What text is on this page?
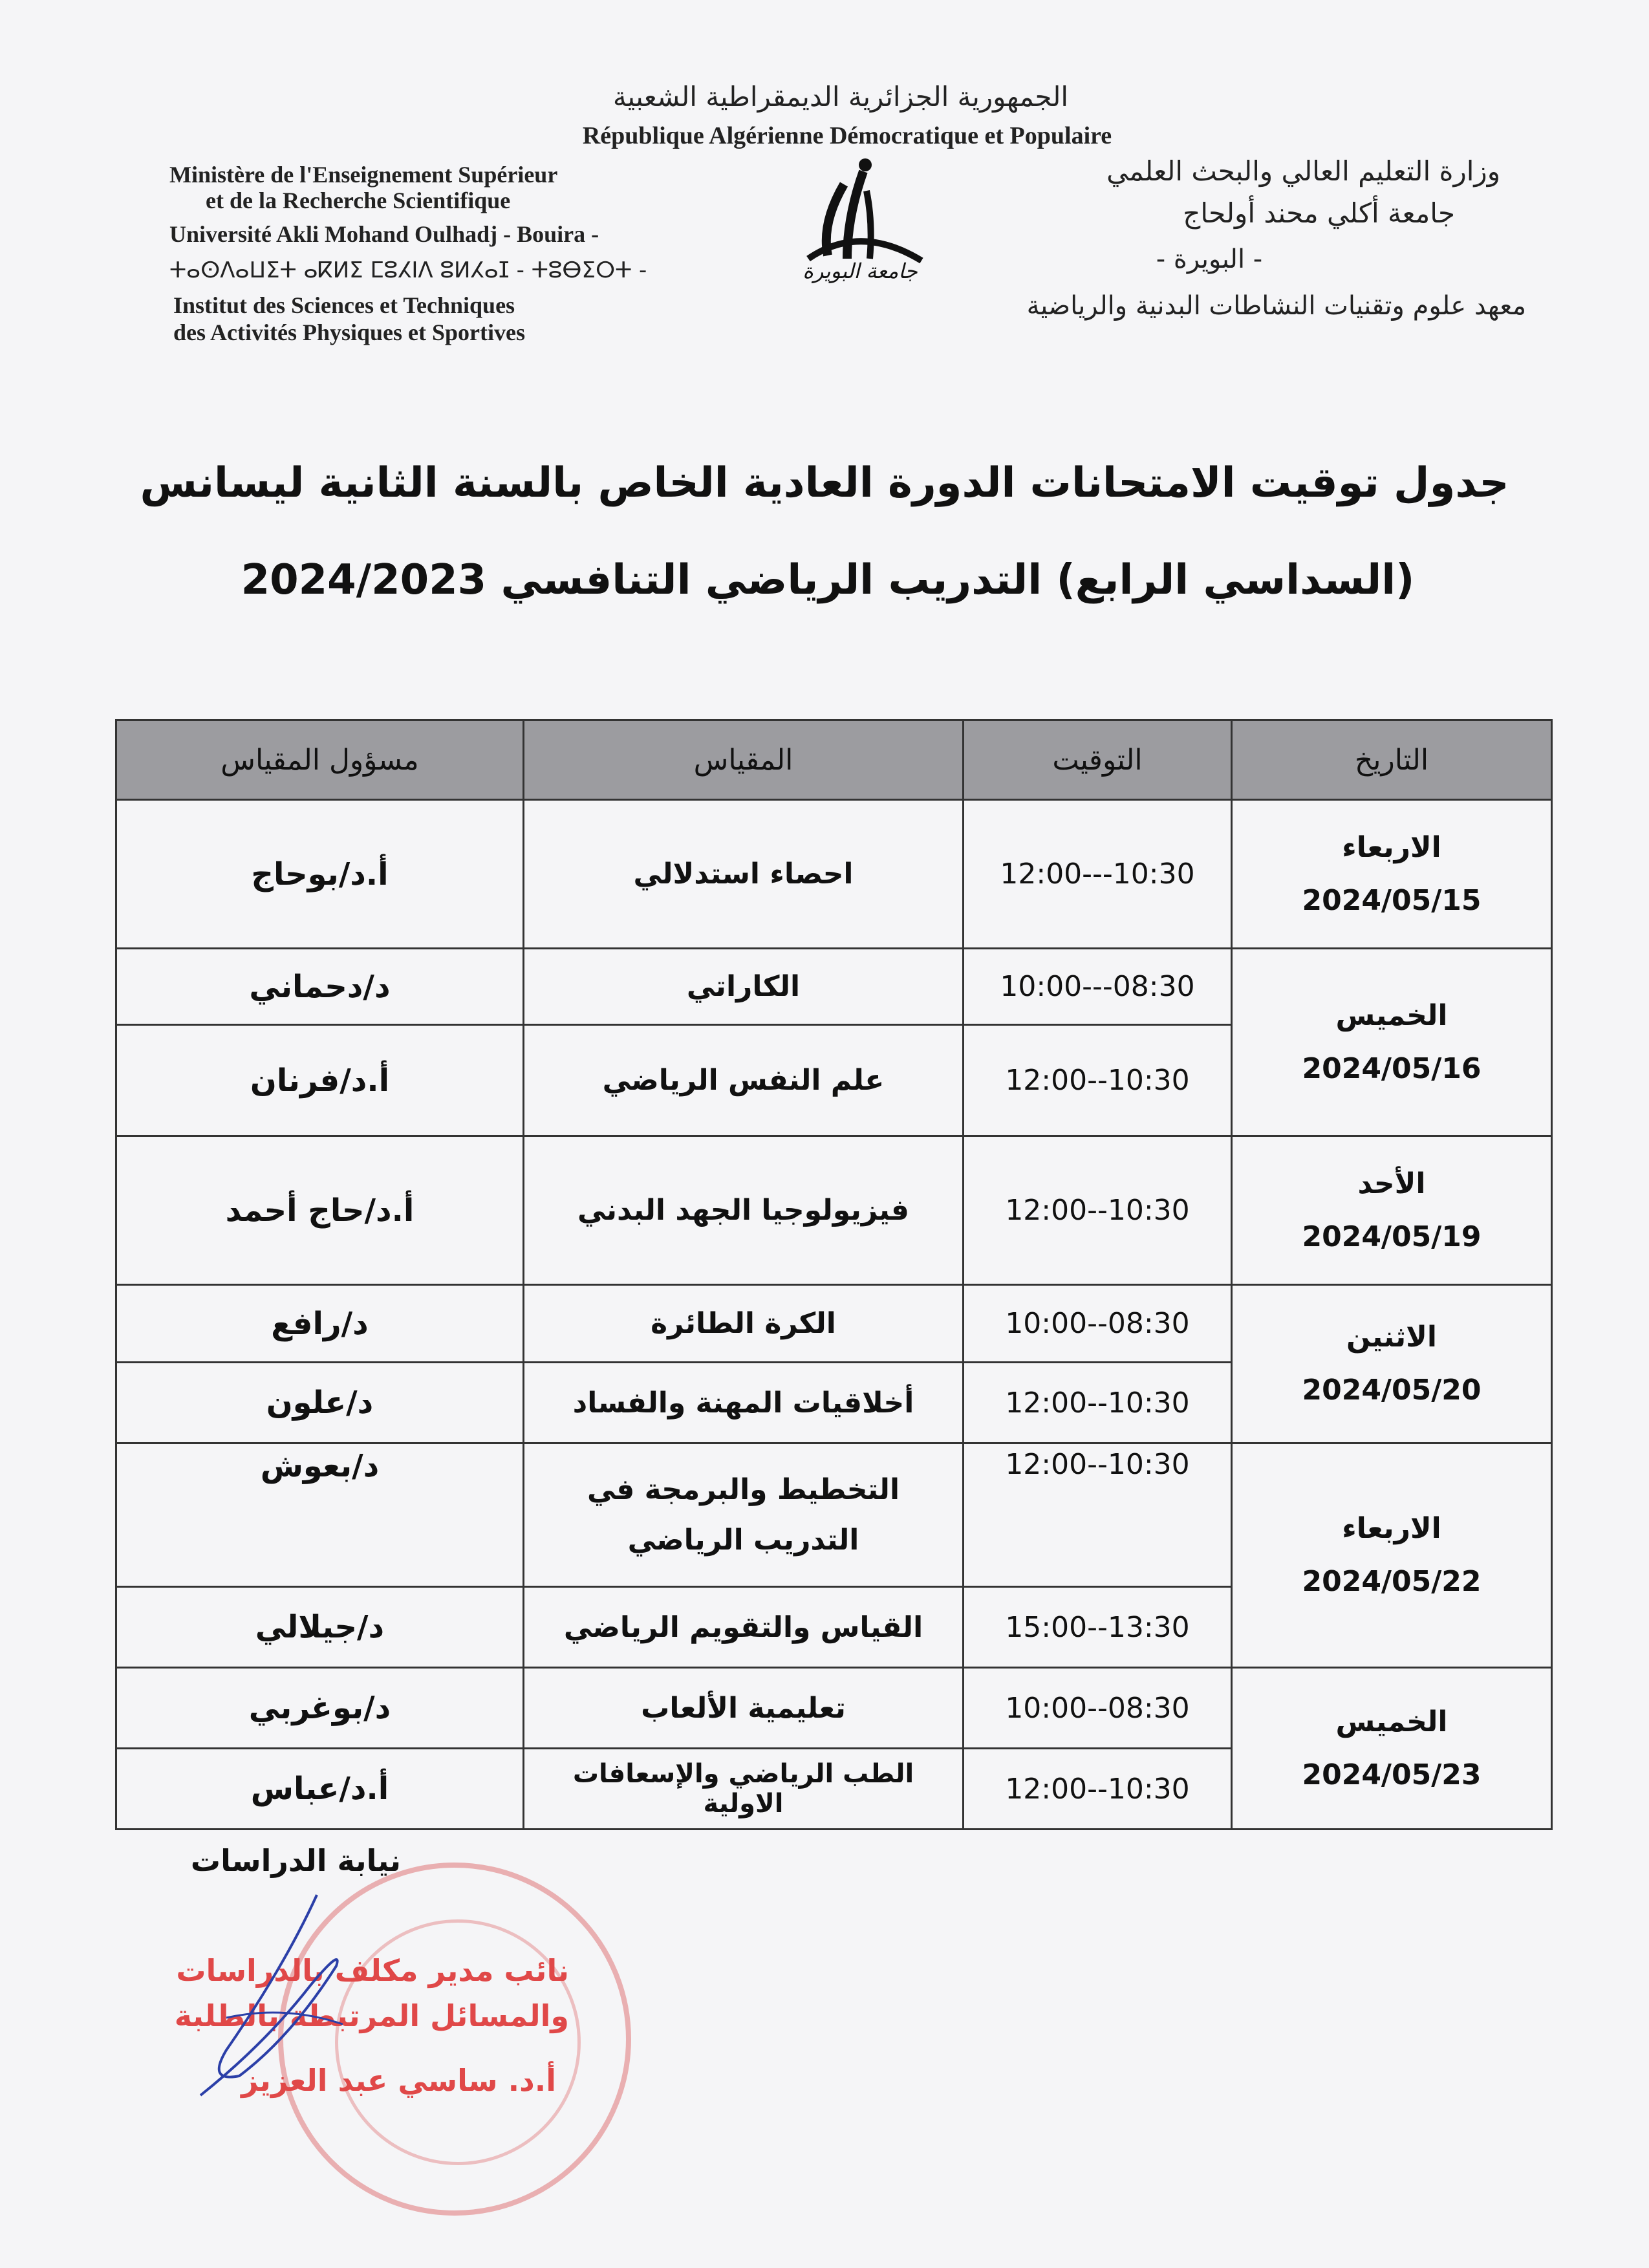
الجمهورية الجزائرية الديمقراطية الشعبية
République Algérienne Démocratique et Populaire
Ministère de l'Enseignement Supérieur
et de la Recherche Scientifique
Université Akli Mohand Oulhadj - Bouira -
ⵜⴰⵙⴷⴰⵡⵉⵜ ⴰⴽⵍⵉ ⵎⵓⵃⵏⴷ ⵓⵍⵃⴰⵊ - ⵜⵓⴱⵉⵔⵜ -
Institut des Sciences et Techniques
des Activités Physiques et Sportives
جامعة البويرة
وزارة التعليم العالي والبحث العلمي
جامعة أكلي محند أولحاج
- البويرة -
معهد علوم وتقنيات النشاطات البدنية والرياضية
جدول توقيت الامتحانات الدورة العادية الخاص بالسنة الثانية ليسانس
(السداسي الرابع) التدريب الرياضي التنافسي 2024/2023
التاريخ	التوقيت	المقياس	مسؤول المقياس

الاربعاء
2024/05/15	12:00---10:30	احصاء استدلالي	أ.د/بوحاج

الخميس
2024/05/16	10:00---08:30	الكاراتي	د/دحماني
	12:00--10:30	علم النفس الرياضي	أ.د/فرنان

الأحد
2024/05/19	12:00--10:30	فيزيولوجيا الجهد البدني	أ.د/حاج أحمد

الاثنين
2024/05/20	10:00--08:30	الكرة الطائرة	د/رافع
	12:00--10:30	أخلاقيات المهنة والفساد	د/علون

الاربعاء
2024/05/22	12:00--10:30	التخطيط والبرمجة في التدريب الرياضي	د/بعوش
	15:00--13:30	القياس والتقويم الرياضي	د/جيلالي

الخميس
2024/05/23	10:00--08:30	تعليمية الألعاب	د/بوغربي
	12:00--10:30	الطب الرياضي والإسعافات الاولية	أ.د/عباس
نيابة الدراسات
نائب مدير مكلف بالدراسات
والمسائل المرتبطة بالطلبة
أ.د. ساسي عبد العزيز
